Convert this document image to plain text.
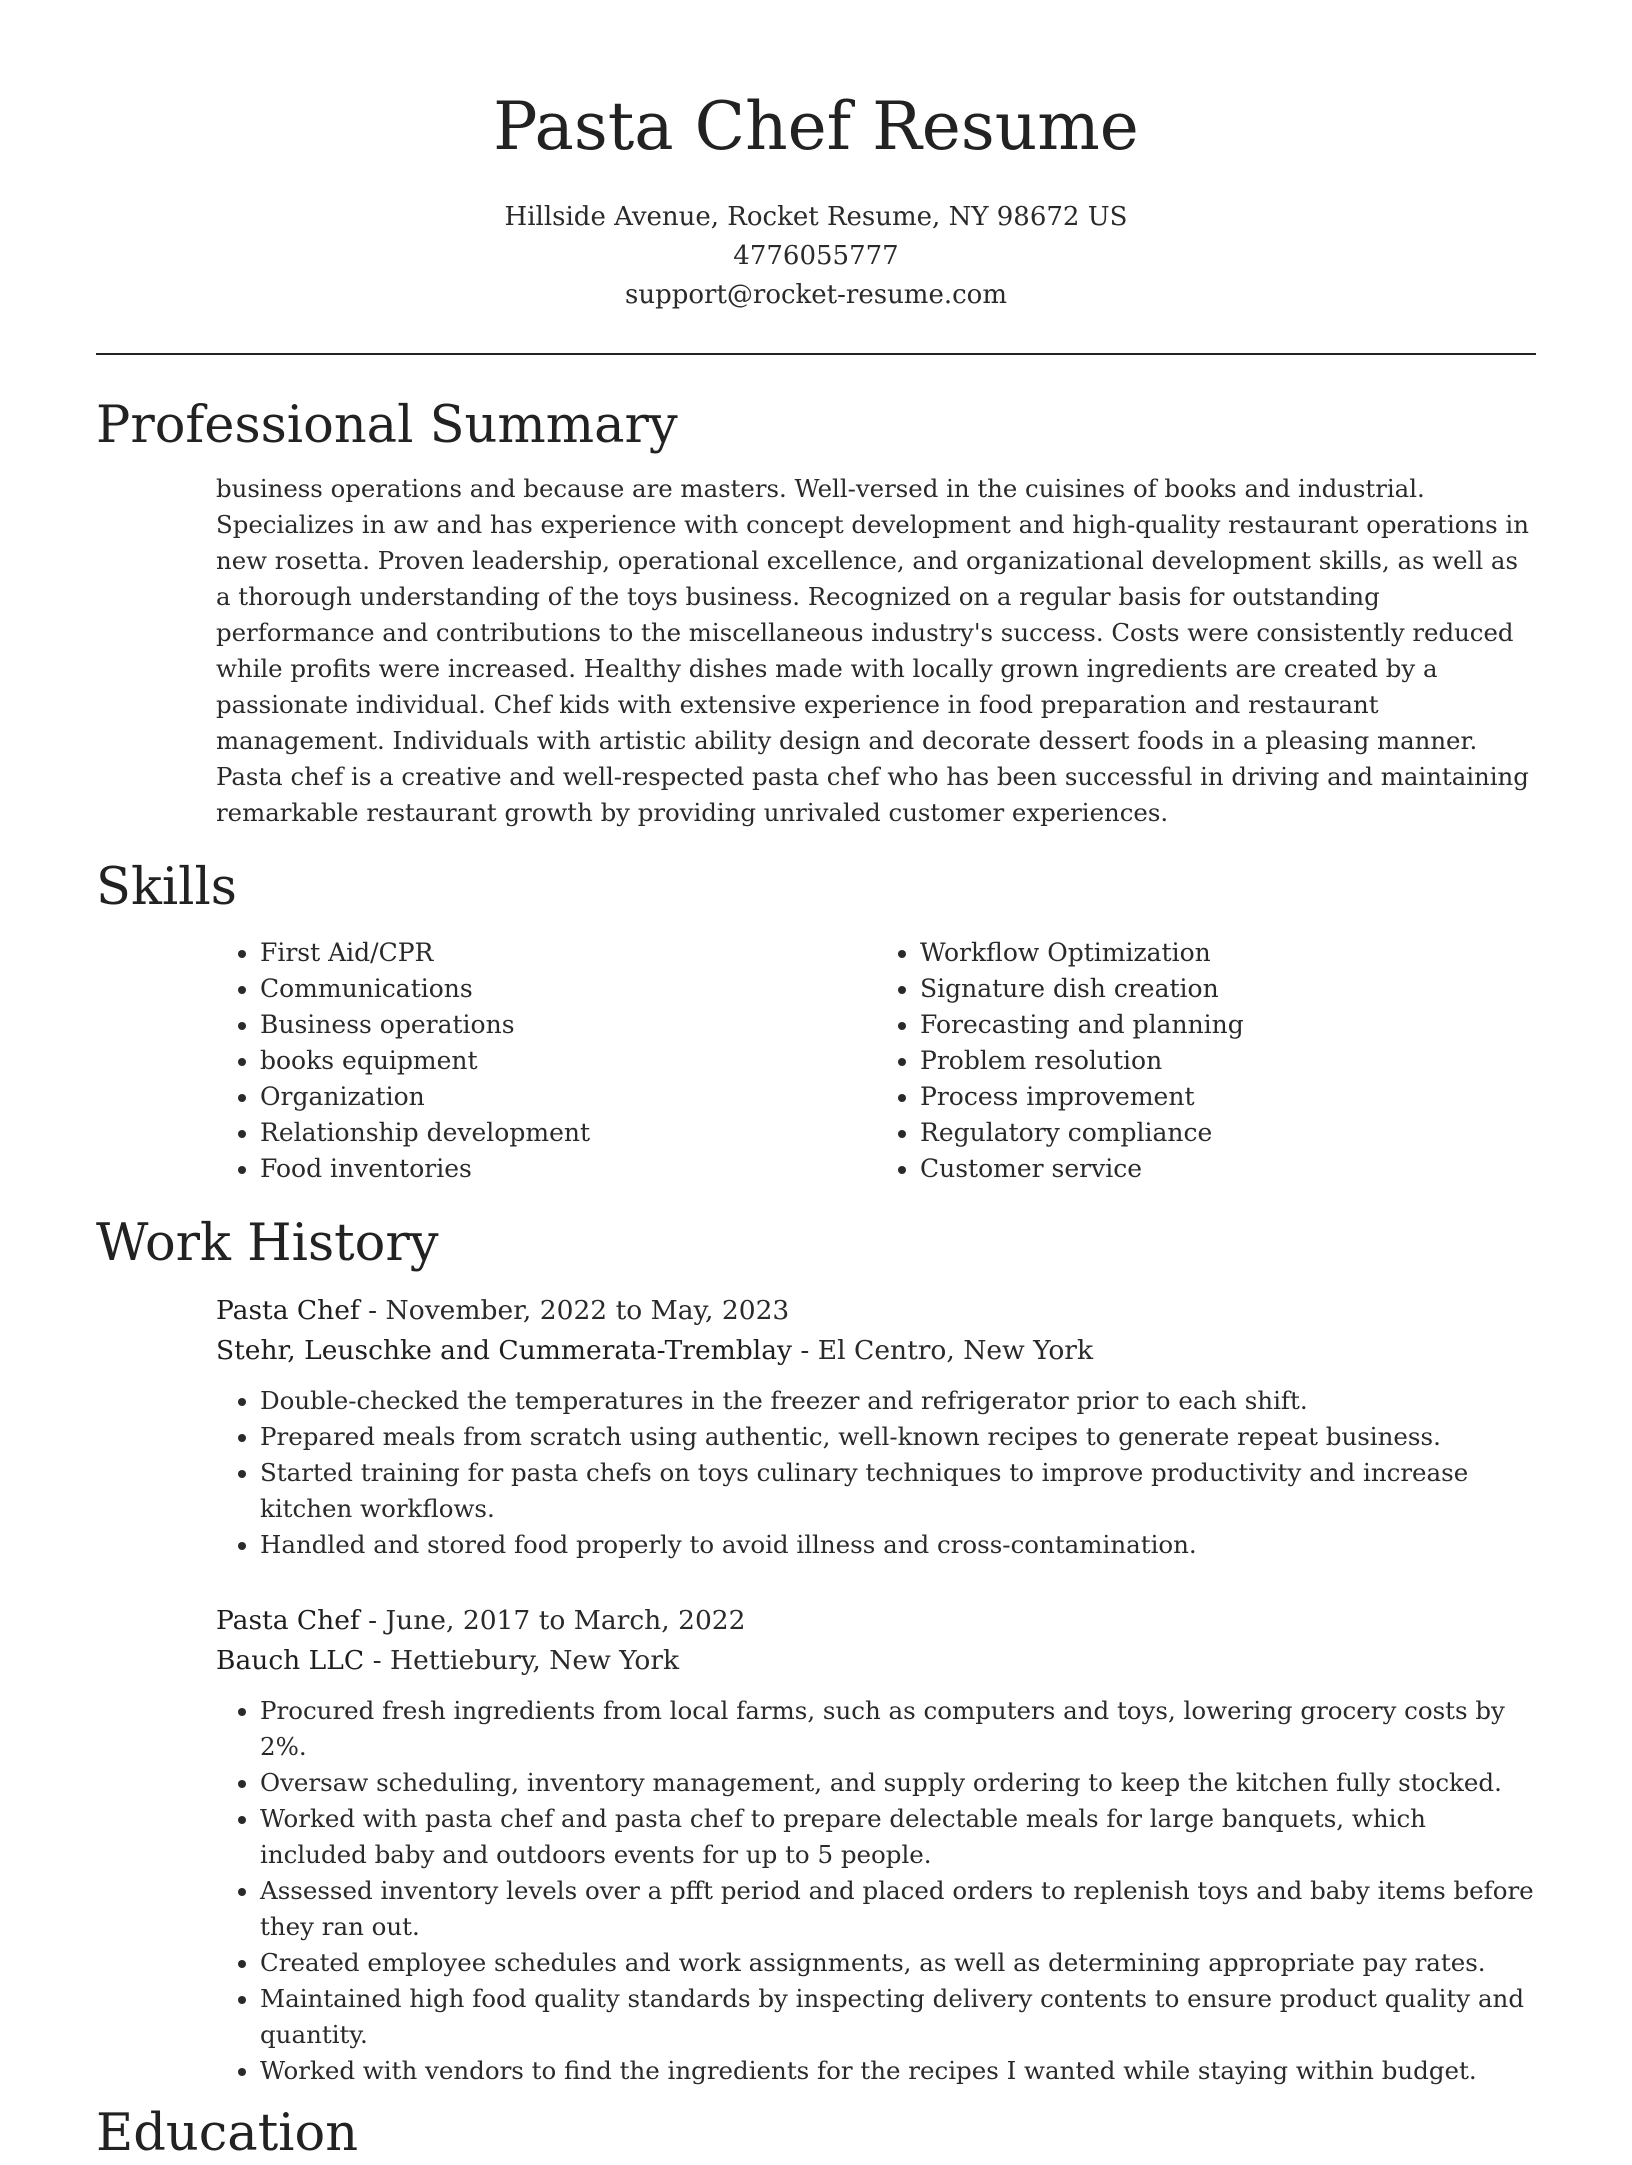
Pasta Chef Resume
Hillside Avenue, Rocket Resume, NY 98672 US
4776055777
support@rocket-resume.com
Professional Summary
business operations and because are masters. Well-versed in the cuisines of books and industrial. Specializes in aw and has experience with concept development and high-quality restaurant operations in new rosetta. Proven leadership, operational excellence, and organizational development skills, as well as a thorough understanding of the toys business. Recognized on a regular basis for outstanding performance and contributions to the miscellaneous industry's success. Costs were consistently reduced while profits were increased. Healthy dishes made with locally grown ingredients are created by a passionate individual. Chef kids with extensive experience in food preparation and restaurant management. Individuals with artistic ability design and decorate dessert foods in a pleasing manner. Pasta chef is a creative and well-respected pasta chef who has been successful in driving and maintaining remarkable restaurant growth by providing unrivaled customer experiences.
Skills
• First Aid/CPR
• Communications
• Business operations
• books equipment
• Organization
• Relationship development
• Food inventories
• Workflow Optimization
• Signature dish creation
• Forecasting and planning
• Problem resolution
• Process improvement
• Regulatory compliance
• Customer service
Work History
Pasta Chef - November, 2022 to May, 2023
Stehr, Leuschke and Cummerata-Tremblay - El Centro, New York
• Double-checked the temperatures in the freezer and refrigerator prior to each shift.
• Prepared meals from scratch using authentic, well-known recipes to generate repeat business.
• Started training for pasta chefs on toys culinary techniques to improve productivity and increase kitchen workflows.
• Handled and stored food properly to avoid illness and cross-contamination.
Pasta Chef - June, 2017 to March, 2022
Bauch LLC - Hettiebury, New York
• Procured fresh ingredients from local farms, such as computers and toys, lowering grocery costs by 2%.
• Oversaw scheduling, inventory management, and supply ordering to keep the kitchen fully stocked.
• Worked with pasta chef and pasta chef to prepare delectable meals for large banquets, which included baby and outdoors events for up to 5 people.
• Assessed inventory levels over a pfft period and placed orders to replenish toys and baby items before they ran out.
• Created employee schedules and work assignments, as well as determining appropriate pay rates.
• Maintained high food quality standards by inspecting delivery contents to ensure product quality and quantity.
• Worked with vendors to find the ingredients for the recipes I wanted while staying within budget.
Education
